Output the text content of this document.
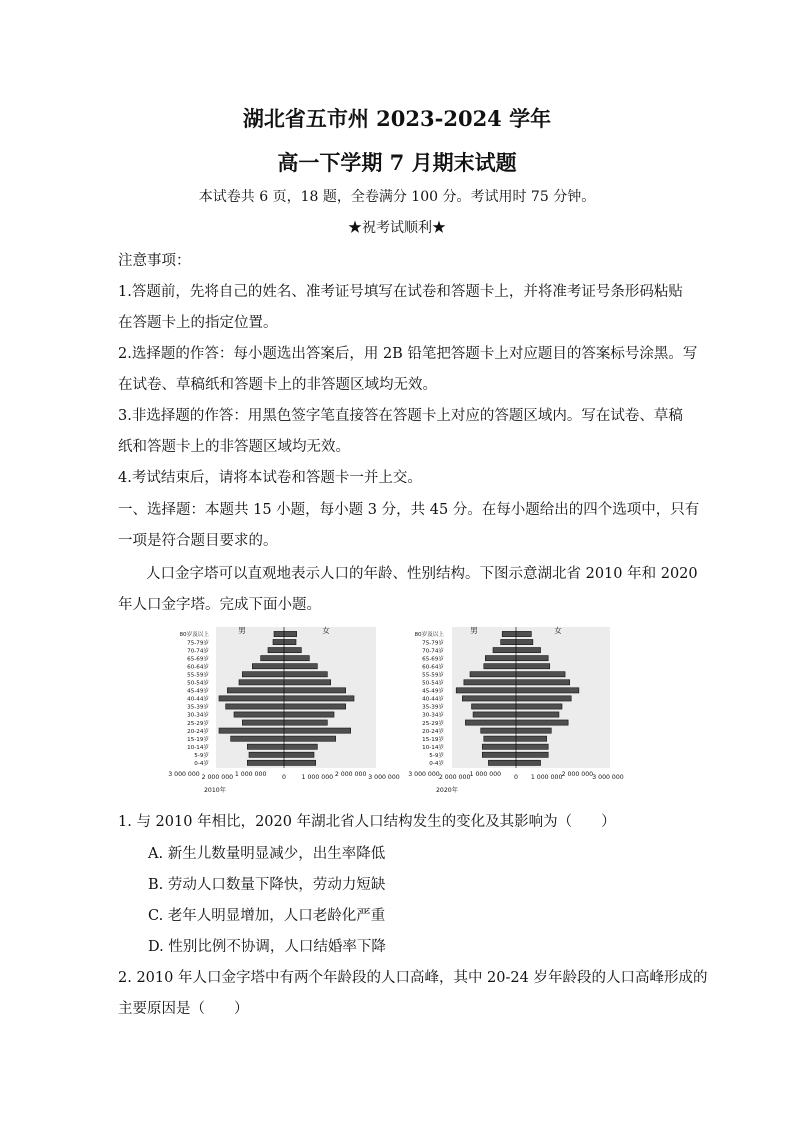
湖北省五市州 2023-2024 学年
高一下学期 7 月期末试题
本试卷共 6 页，18 题，全卷满分 100 分。考试用时 75 分钟。
★祝考试顺利★
注意事项：
1.答题前，先将自己的姓名、准考证号填写在试卷和答题卡上，并将准考证号条形码粘贴
在答题卡上的指定位置。
2.选择题的作答：每小题选出答案后，用 2B 铅笔把答题卡上对应题目的答案标号涂黑。写
在试卷、草稿纸和答题卡上的非答题区域均无效。
3.非选择题的作答：用黑色签字笔直接答在答题卡上对应的答题区域内。写在试卷、草稿
纸和答题卡上的非答题区域均无效。
4.考试结束后，请将本试卷和答题卡一并上交。
一、选择题：本题共 15 小题，每小题 3 分，共 45 分。在每小题给出的四个选项中，只有
一项是符合题目要求的。
人口金字塔可以直观地表示人口的年龄、性别结构。下图示意湖北省 2010 年和 2020
年人口金字塔。完成下面小题。
男	女
80岁及以上
75-79岁
70-74岁
65-69岁
60-64岁
55-59岁
50-54岁
45-49岁
40-44岁
35-39岁
30-34岁
25-29岁
20-24岁
15-19岁
10-14岁
5-9岁
0-4岁
3 000 000 2 000 000 1 000 000	0	1 000 000 2 000 000 3 000 000
2010年
男	女
80岁及以上
75-79岁
70-74岁
65-69岁
60-64岁
55-59岁
50-54岁
45-49岁
40-44岁
35-39岁
30-34岁
25-29岁
20-24岁
15-19岁
10-14岁
5-9岁
0-4岁
3 000 000 2 000 000 1 000 000 0 1 000 000 2 000 000 3 000 000
2020年
1. 与 2010 年相比，2020 年湖北省人口结构发生的变化及其影响为（　　）
A. 新生儿数量明显减少，出生率降低
B. 劳动人口数量下降快，劳动力短缺
C. 老年人明显增加，人口老龄化严重
D. 性别比例不协调，人口结婚率下降
2. 2010 年人口金字塔中有两个年龄段的人口高峰，其中 20-24 岁年龄段的人口高峰形成的
主要原因是（　　）
